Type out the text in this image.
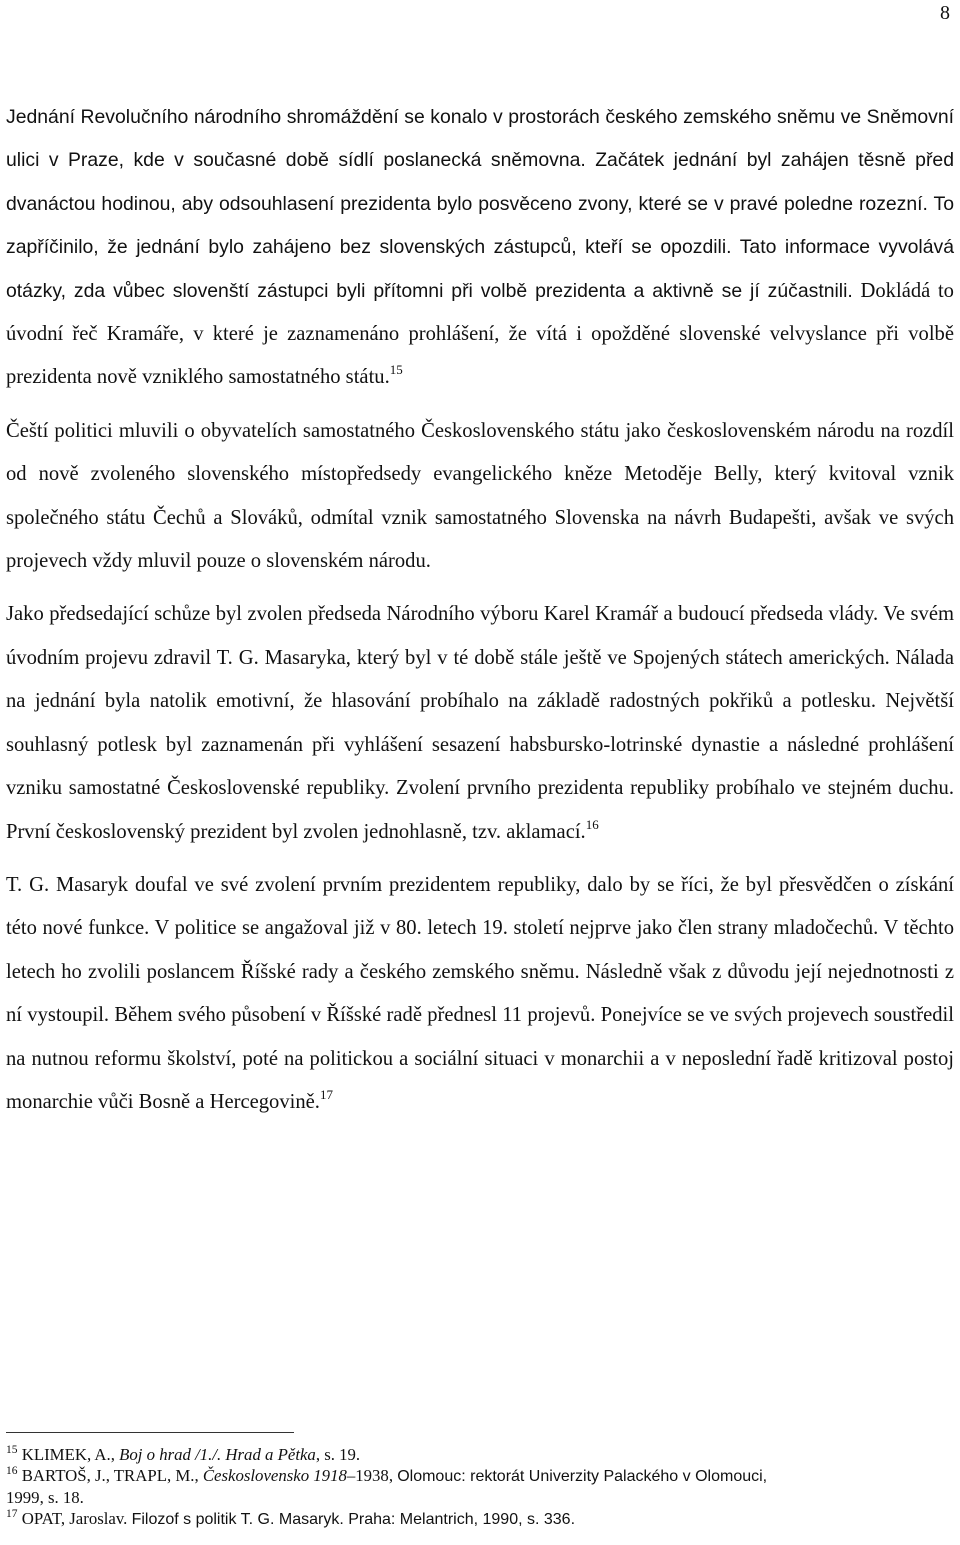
8

Jednání Revolučního národního shromáždění se konalo v prostorách českého zemského sněmu ve Sněmovní ulici v Praze, kde v současné době sídlí poslanecká sněmovna. Začátek jednání byl zahájen těsně před dvanáctou hodinou, aby odsouhlasení prezidenta bylo posvěceno zvony, které se v pravé poledne rozezní. To zapříčinilo, že jednání bylo zahájeno bez slovenských zástupců, kteří se opozdili. Tato informace vyvolává otázky, zda vůbec slovenští zástupci byli přítomni při volbě prezidenta a aktivně se jí zúčastnili. Dokládá to úvodní řeč Kramáře, v které je zaznamenáno prohlášení, že vítá i opožděné slovenské velvyslance při volbě prezidenta nově vzniklého samostatného státu.$^{15}$

Čeští politici mluvili o obyvatelích samostatného Československého státu jako československém národu na rozdíl od nově zvoleného slovenského místopředsedy evangelického kněze Metoděje Belly, který kvitoval vznik společného státu Čechů a Slováků, odmítal vznik samostatného Slovenska na návrh Budapešti, avšak ve svých projevech vždy mluvil pouze o slovenském národu.

Jako předsedající schůze byl zvolen předseda Národního výboru Karel Kramář a budoucí předseda vlády. Ve svém úvodním projevu zdravil T. G. Masaryka, který byl v té době stále ještě ve Spojených státech amerických. Nálada na jednání byla natolik emotivní, že hlasování probíhalo na základě radostných pokřiků a potlesku. Největší souhlasný potlesk byl zaznamenán při vyhlášení sesazení habsbursko-lotrinské dynastie a následné prohlášení vzniku samostatné Československé republiky. Zvolení prvního prezidenta republiky probíhalo ve stejném duchu. První československý prezident byl zvolen jednohlasně, tzv. aklamací.$^{16}$

T. G. Masaryk doufal ve své zvolení prvním prezidentem republiky, dalo by se říci, že byl přesvědčen o získání této nové funkce. V politice se angažoval již v 80. letech 19. století nejprve jako člen strany mladočechů. V těchto letech ho zvolili poslancem Říšské rady a českého zemského sněmu. Následně však z důvodu její nejednotnosti z ní vystoupil. Během svého působení v Říšské radě přednesl 11 projevů. Ponejvíce se ve svých projevech soustředil na nutnou reformu školství, poté na politickou a sociální situaci v monarchii a v neposlední řadě kritizoval postoj monarchie vůči Bosně a Hercegovině.$^{17}$

$^{15}$ KLIMEK, A., Boj o hrad /1./. Hrad a Pětka, s. 19.
$^{16}$ BARTOŠ, J., TRAPL, M., Československo 1918–1938, Olomouc: rektorát Univerzity Palackého v Olomouci,
1999, s. 18.
$^{17}$ OPAT, Jaroslav. Filozof s politik T. G. Masaryk. Praha: Melantrich, 1990, s. 336.
